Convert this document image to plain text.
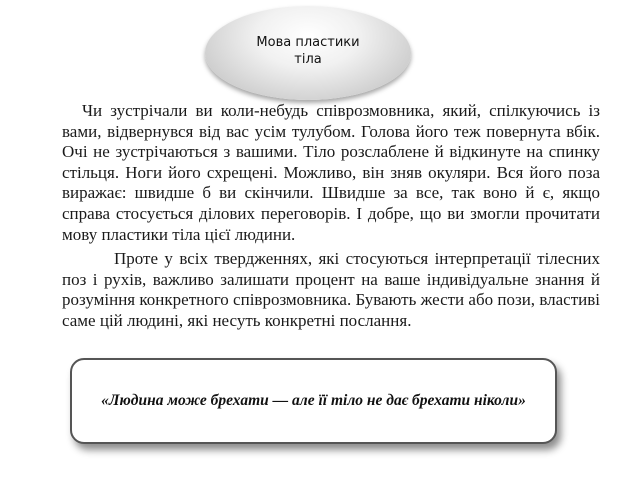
Мова пластики
тіла

Чи зустрічали ви коли-небудь співрозмовника, який, спілкуючись із вами, відвернувся від вас усім тулубом. Голова його теж повернута вбік. Очі не зустрічаються з вашими. Тіло розслаблене й відкинуте на спинку стільця. Ноги його схрещені. Можливо, він зняв окуляри. Вся його поза виражає: швидше б ви скінчили. Швидше за все, так воно й є, якщо справа стосується ділових переговорів. І добре, що ви змогли прочитати мову пластики тіла цієї людини.

Проте у всіх твердженнях, які стосуються інтерпретації тілесних поз і рухів, важливо залишати процент на ваше індивідуальне знання й розуміння конкретного співрозмовника. Бувають жести або пози, властиві саме цій людині, які несуть конкретні послання.

«Людина може брехати — але її тіло не дає брехати ніколи»
